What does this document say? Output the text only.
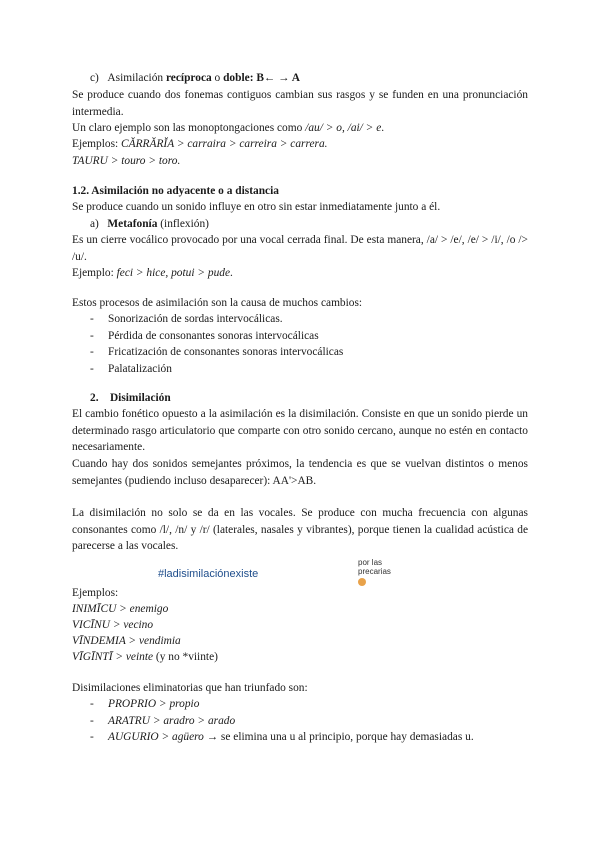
c) Asimilación recíproca o doble: B← → A

Se produce cuando dos fonemas contiguos cambian sus rasgos y se funden en una pronunciación intermedia.

Un claro ejemplo son las monoptongaciones como /au/ > o, /ai/ > e.

Ejemplos: CĂRRĂRĬA > carraira > carreira > carrera.

TAURU > touro > toro.

1.2. Asimilación no adyacente o a distancia

Se produce cuando un sonido influye en otro sin estar inmediatamente junto a él.

a) Metafonía (inflexión)

Es un cierre vocálico provocado por una vocal cerrada final. De esta manera, /a/ > /e/, /e/ > /i/, /o /> /u/.

Ejemplo: feci > hice, potui > pude.

Estos procesos de asimilación son la causa de muchos cambios:

- Sonorización de sordas intervocálicas.
- Pérdida de consonantes sonoras intervocálicas
- Fricatización de consonantes sonoras intervocálicas
- Palatalización
2. Disimilación

El cambio fonético opuesto a la asimilación es la disimilación. Consiste en que un sonido pierde un determinado rasgo articulatorio que comparte con otro sonido cercano, aunque no estén en contacto necesariamente.

Cuando hay dos sonidos semejantes próximos, la tendencia es que se vuelvan distintos o menos semejantes (pudiendo incluso desaparecer): AA'>AB.

La disimilación no solo se da en las vocales. Se produce con mucha frecuencia con algunas consonantes como /l/, /n/ y /r/ (laterales, nasales y vibrantes), porque tienen la cualidad acústica de parecerse a las vocales.

#ladisimilaciónexiste
por las
precarias

Ejemplos:

INIMĪCU > enemigo

VICĪNU > vecino

VĪNDEMIA > vendimia

VĪGĪNTĪ > veinte (y no *viinte)

Disimilaciones eliminatorias que han triunfado son:

- PROPRIO > propio
- ARATRU > aradro > arado
- AUGURIO > agüero → se elimina una u al principio, porque hay demasiadas u.
